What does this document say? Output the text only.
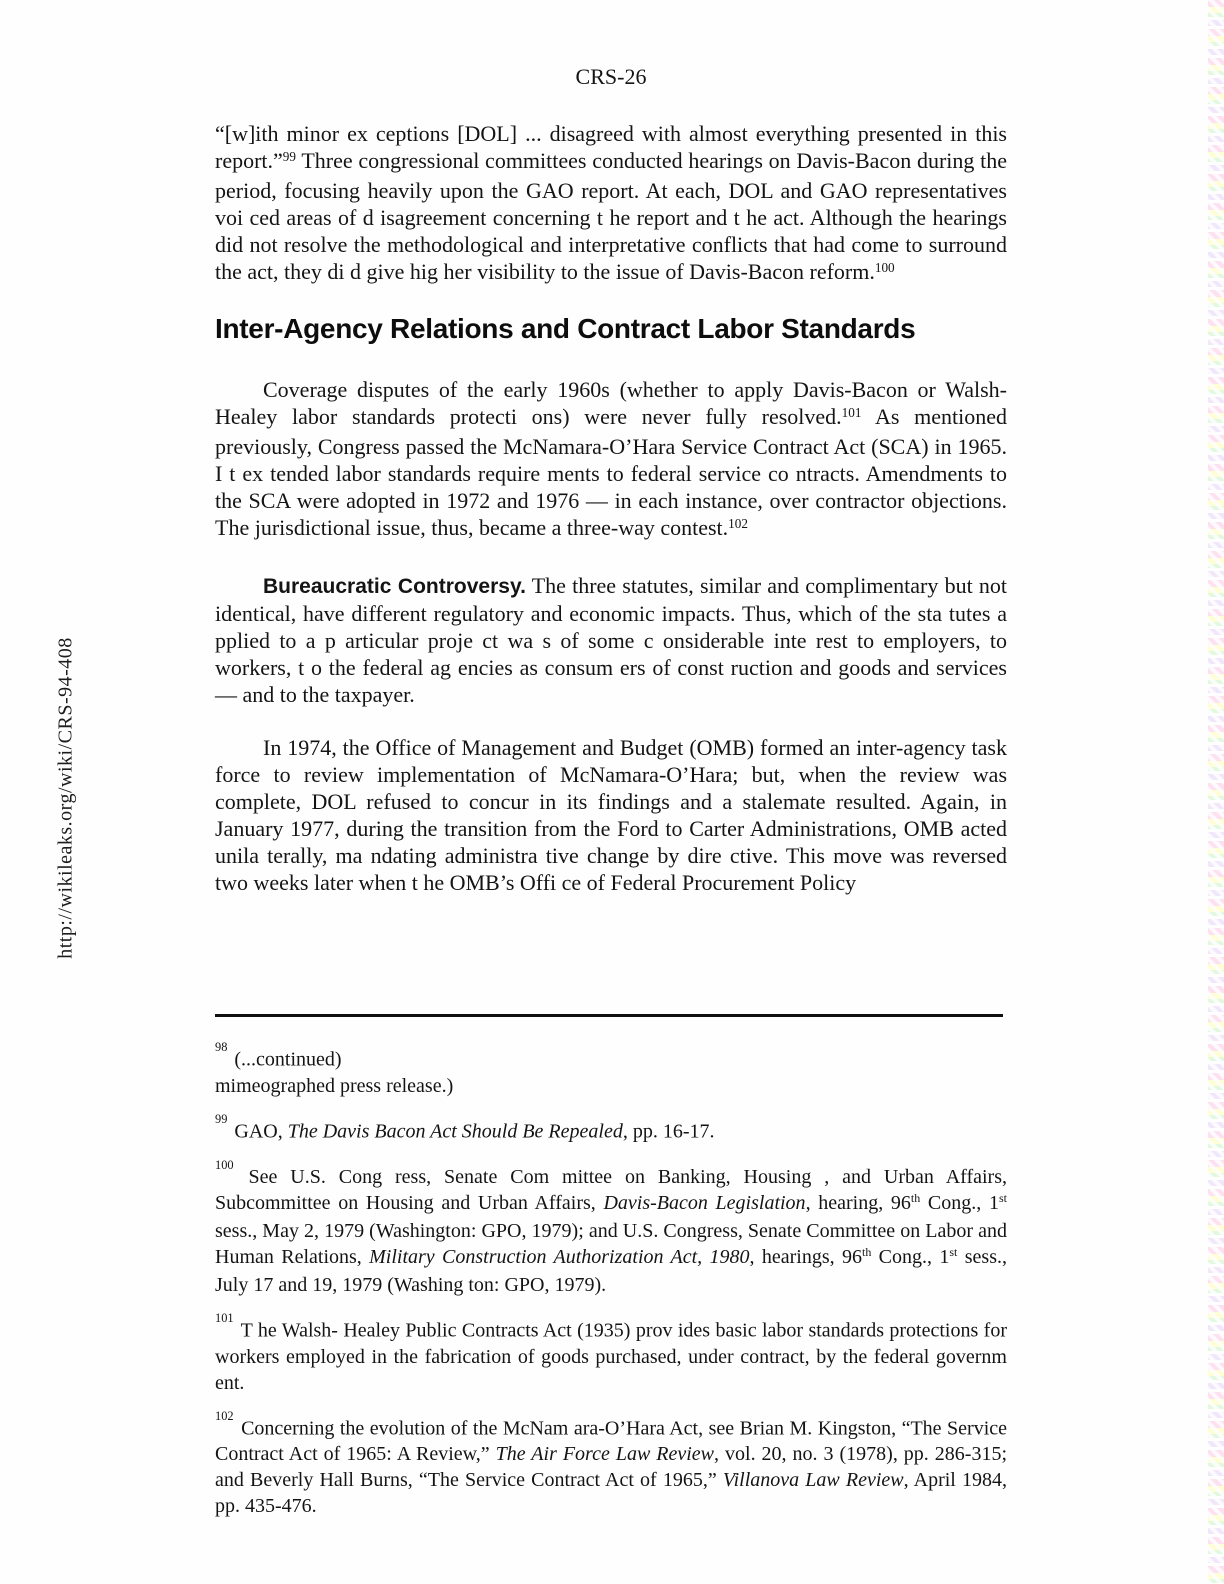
http://wikileaks.org/wiki/CRS-94-408
CRS-26

“[w]ith minor ex ceptions [DOL] ... disagreed with almost everything presented in this report.”$^{99}$ Three congressional committees conducted hearings on Davis-Bacon during the period, focusing heavily upon the GAO report. At each, DOL and GAO representatives voi ced areas of d isagreement concerning t he report and t he act. Although the hearings did not resolve the methodological and interpretative conflicts that had come to surround the act, they di d give hig her visibility to the issue of Davis-Bacon reform.$^{100}$

Inter-Agency Relations and Contract Labor Standards

Coverage disputes of the early 1960s (whether to apply Davis-Bacon or Walsh-Healey labor standards protecti ons) were never fully resolved.$^{101}$ As mentioned previously, Congress passed the McNamara-O’Hara Service Contract Act (SCA) in 1965. I t ex tended labor standards require ments to federal service co ntracts. Amendments to the SCA were adopted in 1972 and 1976 — in each instance, over contractor objections. The jurisdictional issue, thus, became a three-way contest.$^{102}$

Bureaucratic Controversy. The three statutes, similar and complimentary but not identical, have different regulatory and economic impacts. Thus, which of the sta tutes a pplied to a p articular proje ct wa s of some c onsiderable inte rest to employers, to workers, t o the federal ag encies as consum ers of const ruction and goods and services — and to the taxpayer.

In 1974, the Office of Management and Budget (OMB) formed an inter-agency task force to review implementation of McNamara-O’Hara; but, when the review was complete, DOL refused to concur in its findings and a stalemate resulted. Again, in January 1977, during the transition from the Ford to Carter Administrations, OMB acted unila terally, ma ndating administra tive change by dire ctive. This move was reversed two weeks later when t he OMB’s Offi ce of Federal Procurement Policy

$^{98}$ (...continued)
mimeographed press release.)

$^{99}$ GAO, The Davis Bacon Act Should Be Repealed, pp. 16-17.

$^{100}$ See U.S. Cong ress, Senate Com mittee on Banking, Housing , and Urban Affairs, Subcommittee on Housing and Urban Affairs, Davis-Bacon Legislation, hearing, 96th Cong., 1st sess., May 2, 1979 (Washington: GPO, 1979); and U.S. Congress, Senate Committee on Labor and Human Relations, Military Construction Authorization Act, 1980, hearings, 96th Cong., 1st sess., July 17 and 19, 1979 (Washing ton: GPO, 1979).

$^{101}$ T he Walsh- Healey Public Contracts Act (1935) prov ides basic labor standards protections for workers employed in the fabrication of goods purchased, under contract, by the federal governm ent.

$^{102}$ Concerning the evolution of the McNam ara-O’Hara Act, see Brian M. Kingston, “The Service Contract Act of 1965: A Review,” The Air Force Law Review, vol. 20, no. 3 (1978), pp. 286-315; and Beverly Hall Burns, “The Service Contract Act of 1965,” Villanova Law Review, April 1984, pp. 435-476.
